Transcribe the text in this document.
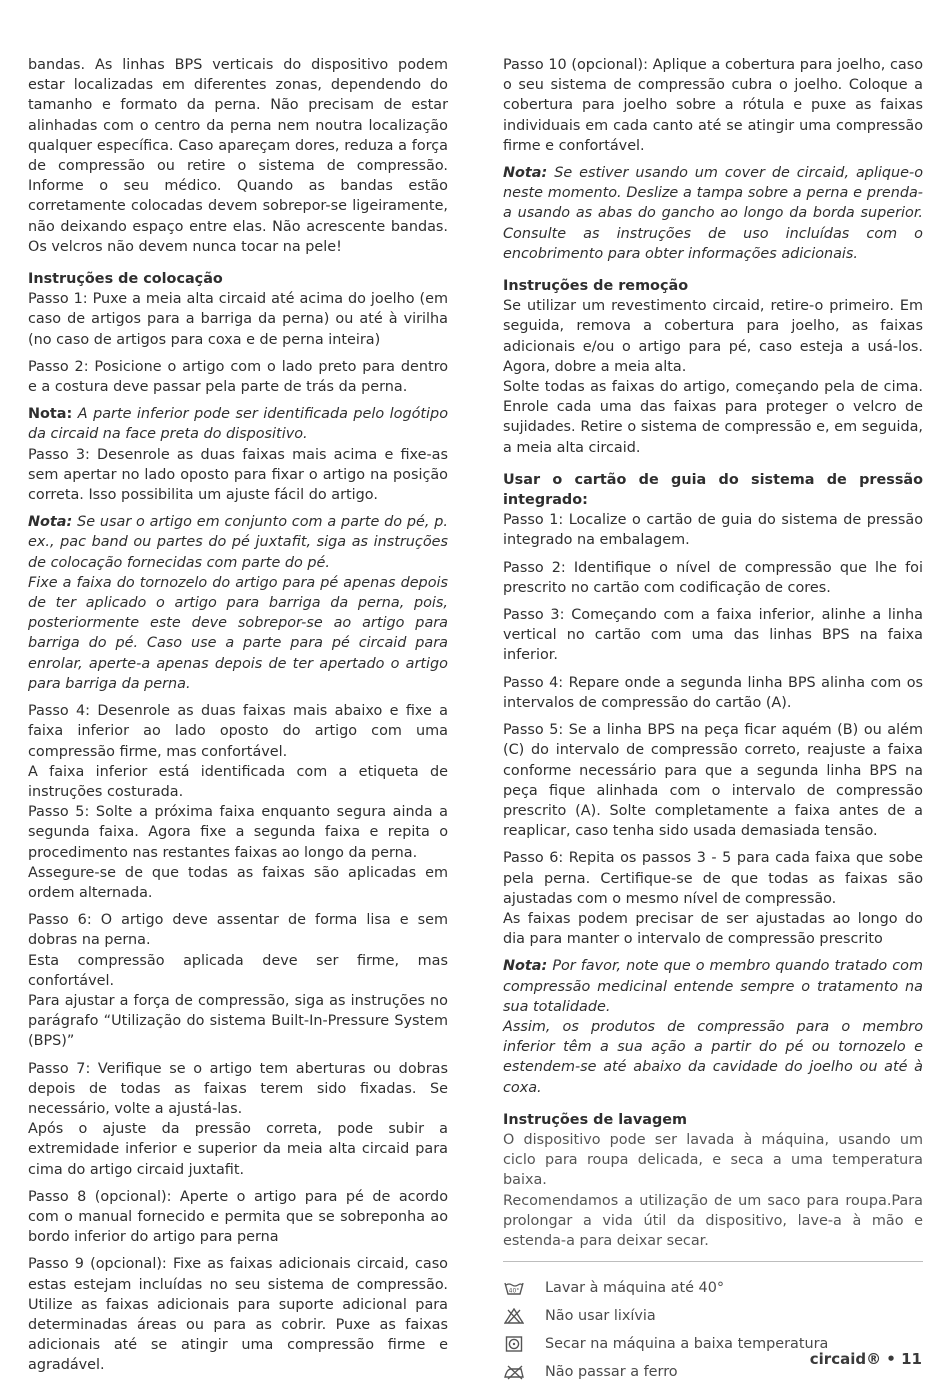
bandas. As linhas BPS verticais do dispositivo podem estar localizadas em diferentes zonas, dependendo do tamanho e formato da perna. Não precisam de estar alinhadas com o centro da perna nem noutra localização qualquer específica. Caso apareçam dores, reduza a força de compressão ou retire o sistema de compressão. Informe o seu médico. Quando as bandas estão corretamente colocadas devem sobrepor-se ligeiramente, não deixando espaço entre elas. Não acrescente bandas. Os velcros não devem nunca tocar na pele!

Instruções de colocação

Passo 1: Puxe a meia alta circaid até acima do joelho (em caso de artigos para a barriga da perna) ou até à virilha (no caso de artigos para coxa e de perna inteira)

Passo 2: Posicione o artigo com o lado preto para dentro e a costura deve passar pela parte de trás da perna.

Nota: A parte inferior pode ser identificada pelo logótipo da circaid na face preta do dispositivo.

Passo 3: Desenrole as duas faixas mais acima e fixe-as sem apertar no lado oposto para fixar o artigo na posição correta. Isso possibilita um ajuste fácil do artigo.

Nota: Se usar o artigo em conjunto com a parte do pé, p. ex., pac band ou partes do pé juxtafit, siga as instruções de colocação fornecidas com parte do pé.

Fixe a faixa do tornozelo do artigo para pé apenas depois de ter aplicado o artigo para barriga da perna, pois, posteriormente este deve sobrepor-se ao artigo para barriga do pé. Caso use a parte para pé circaid para enrolar, aperte-a apenas depois de ter apertado o artigo para barriga da perna.

Passo 4: Desenrole as duas faixas mais abaixo e fixe a faixa inferior ao lado oposto do artigo com uma compressão firme, mas confortável.

A faixa inferior está identificada com a etiqueta de instruções costurada.

Passo 5: Solte a próxima faixa enquanto segura ainda a segunda faixa. Agora fixe a segunda faixa e repita o procedimento nas restantes faixas ao longo da perna.

Assegure-se de que todas as faixas são aplicadas em ordem alternada.

Passo 6: O artigo deve assentar de forma lisa e sem dobras na perna.

Esta compressão aplicada deve ser firme, mas confortável.

Para ajustar a força de compressão, siga as instruções no parágrafo “Utilização do sistema Built-In-Pressure System (BPS)”

Passo 7: Verifique se o artigo tem aberturas ou dobras depois de todas as faixas terem sido fixadas. Se necessário, volte a ajustá-las.

Após o ajuste da pressão correta, pode subir a extremidade inferior e superior da meia alta circaid para cima do artigo circaid juxtafit.

Passo 8 (opcional): Aperte o artigo para pé de acordo com o manual fornecido e permita que se sobreponha ao bordo inferior do artigo para perna

Passo 9 (opcional): Fixe as faixas adicionais circaid, caso estas estejam incluídas no seu sistema de compressão. Utilize as faixas adicionais para suporte adicional para determinadas áreas ou para as cobrir. Puxe as faixas adicionais até se atingir uma compressão firme e agradável.

Passo 10 (opcional): Aplique a cobertura para joelho, caso o seu sistema de compressão cubra o joelho. Coloque a cobertura para joelho sobre a rótula e puxe as faixas individuais em cada canto até se atingir uma compressão firme e confortável.

Nota: Se estiver usando um cover de circaid, aplique-o neste momento. Deslize a tampa sobre a perna e prenda-a usando as abas do gancho ao longo da borda superior. Consulte as instruções de uso incluídas com o encobrimento para obter informações adicionais.

Instruções de remoção

Se utilizar um revestimento circaid, retire-o primeiro. Em seguida, remova a cobertura para joelho, as faixas adicionais e/ou o artigo para pé, caso esteja a usá-los. Agora, dobre a meia alta.

Solte todas as faixas do artigo, começando pela de cima. Enrole cada uma das faixas para proteger o velcro de sujidades. Retire o sistema de compressão e, em seguida, a meia alta circaid.

Usar o cartão de guia do sistema de pressão integrado:

Passo 1: Localize o cartão de guia do sistema de pressão integrado na embalagem.

Passo 2: Identifique o nível de compressão que lhe foi prescrito no cartão com codificação de cores.

Passo 3: Começando com a faixa inferior, alinhe a linha vertical no cartão com uma das linhas BPS na faixa inferior.

Passo 4: Repare onde a segunda linha BPS alinha com os intervalos de compressão do cartão (A).

Passo 5: Se a linha BPS na peça ficar aquém (B) ou além (C) do intervalo de compressão correto, reajuste a faixa conforme necessário para que a segunda linha BPS na peça fique alinhada com o intervalo de compressão prescrito (A). Solte completamente a faixa antes de a reaplicar, caso tenha sido usada demasiada tensão.

Passo 6: Repita os passos 3 - 5 para cada faixa que sobe pela perna. Certifique-se de que todas as faixas são ajustadas com o mesmo nível de compressão.

As faixas podem precisar de ser ajustadas ao longo do dia para manter o intervalo de compressão prescrito

Nota: Por favor, note que o membro quando tratado com compressão medicinal entende sempre o tratamento na sua totalidade.

Assim, os produtos de compressão para o membro inferior têm a sua ação a partir do pé ou tornozelo e estendem-se até abaixo da cavidade do joelho ou até à coxa.

Instruções de lavagem

O dispositivo pode ser lavada à máquina, usando um ciclo para roupa delicada, e seca a uma temperatura baixa.

Recomendamos a utilização de um saco para roupa.Para prolongar a vida útil da dispositivo, lave-a à mão e estenda-a para deixar secar.

40° Lavar à máquina até 40°
Não usar lixívia
Secar na máquina a baixa temperatura
Não passar a ferro
circaid® • 11
